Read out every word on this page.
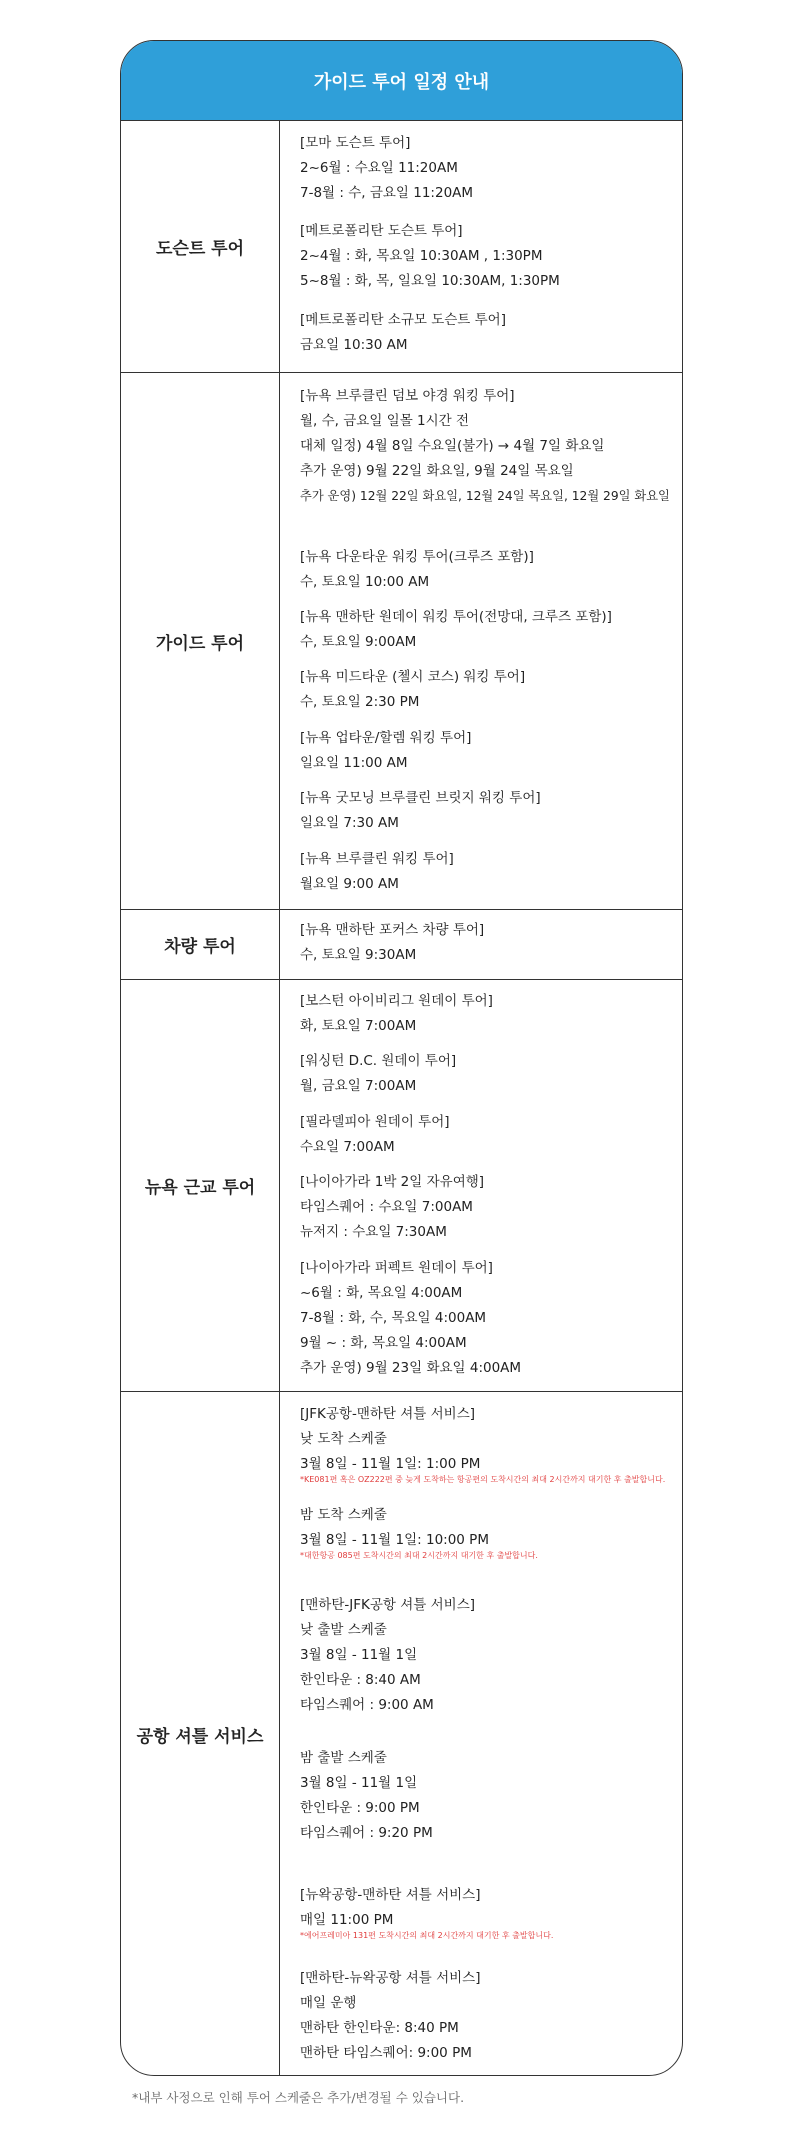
가이드 투어 일정 안내
도슨트 투어
[모마 도슨트 투어]
2~6월 : 수요일 11:20AM
7-8월 : 수, 금요일 11:20AM
[메트로폴리탄 도슨트 투어]
2~4월 : 화, 목요일 10:30AM , 1:30PM
5~8월 : 화, 목, 일요일 10:30AM, 1:30PM
[메트로폴리탄 소규모 도슨트 투어]
금요일 10:30 AM
가이드 투어
[뉴욕 브루클린 덤보 야경 워킹 투어]
월, 수, 금요일 일몰 1시간 전
대체 일정) 4월 8일 수요일(불가) → 4월 7일 화요일
추가 운영) 9월 22일 화요일, 9월 24일 목요일
추가 운영) 12월 22일 화요일, 12월 24일 목요일, 12월 29일 화요일
[뉴욕 다운타운 워킹 투어(크루즈 포함)]
수, 토요일 10:00 AM
[뉴욕 맨하탄 원데이 워킹 투어(전망대, 크루즈 포함)]
수, 토요일 9:00AM
[뉴욕 미드타운 (첼시 코스) 워킹 투어]
수, 토요일 2:30 PM
[뉴욕 업타운/할렘 워킹 투어]
일요일 11:00 AM
[뉴욕 굿모닝 브루클린 브릿지 워킹 투어]
일요일 7:30 AM
[뉴욕 브루클린 워킹 투어]
월요일 9:00 AM
차량 투어
[뉴욕 맨하탄 포커스 차량 투어]
수, 토요일 9:30AM
뉴욕 근교 투어
[보스턴 아이비리그 원데이 투어]
화, 토요일 7:00AM
[워싱턴 D.C. 원데이 투어]
월, 금요일 7:00AM
[필라델피아 원데이 투어]
수요일 7:00AM
[나이아가라 1박 2일 자유여행]
타임스퀘어 : 수요일 7:00AM
뉴저지 : 수요일 7:30AM
[나이아가라 퍼펙트 원데이 투어]
~6월 : 화, 목요일 4:00AM
7-8월 : 화, 수, 목요일 4:00AM
9월 ~ : 화, 목요일 4:00AM
추가 운영) 9월 23일 화요일 4:00AM
공항 셔틀 서비스
[JFK공항-맨하탄 셔틀 서비스]
낮 도착 스케줄
3월 8일 - 11월 1일: 1:00 PM
*KE081편 혹은 OZ222편 중 늦게 도착하는 항공편의 도착시간의 최대 2시간까지 대기한 후 출발합니다.
밤 도착 스케줄
3월 8일 - 11월 1일: 10:00 PM
*대한항공 085편 도착시간의 최대 2시간까지 대기한 후 출발합니다.
[맨하탄-JFK공항 셔틀 서비스]
낮 출발 스케줄
3월 8일 - 11월 1일
한인타운 : 8:40 AM
타임스퀘어 : 9:00 AM
밤 출발 스케줄
3월 8일 - 11월 1일
한인타운 : 9:00 PM
타임스퀘어 : 9:20 PM
[뉴왁공항-맨하탄 셔틀 서비스]
매일 11:00 PM
*에어프레미아 131편 도착시간의 최대 2시간까지 대기한 후 출발합니다.
[맨하탄-뉴왁공항 셔틀 서비스]
매일 운행
맨하탄 한인타운: 8:40 PM
맨하탄 타임스퀘어: 9:00 PM
*내부 사정으로 인해 투어 스케줄은 추가/변경될 수 있습니다.
